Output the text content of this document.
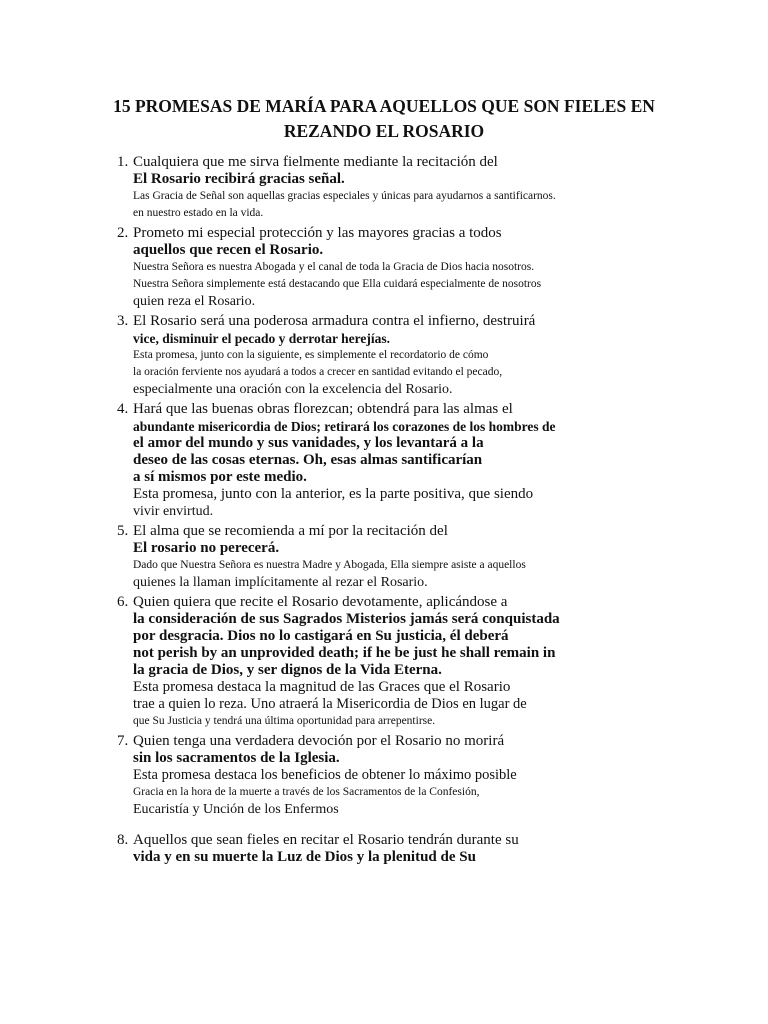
15 PROMESAS DE MARÍA PARA AQUELLOS QUE SON FIELES EN
REZANDO EL ROSARIO
1. Cualquiera que me sirva fielmente mediante la recitación del
El Rosario recibirá gracias señal.
Las Gracia de Señal son aquellas gracias especiales y únicas para ayudarnos a santificarnos.
en nuestro estado en la vida.
2. Prometo mi especial protección y las mayores gracias a todos
aquellos que recen el Rosario.
Nuestra Señora es nuestra Abogada y el canal de toda la Gracia de Dios hacia nosotros.
Nuestra Señora simplemente está destacando que Ella cuidará especialmente de nosotros
quien reza el Rosario.
3. El Rosario será una poderosa armadura contra el infierno, destruirá
vice, disminuir el pecado y derrotar herejías.
Esta promesa, junto con la siguiente, es simplemente el recordatorio de cómo
la oración ferviente nos ayudará a todos a crecer en santidad evitando el pecado,
especialmente una oración con la excelencia del Rosario.
4. Hará que las buenas obras florezcan; obtendrá para las almas el
abundante misericordia de Dios; retirará los corazones de los hombres de
el amor del mundo y sus vanidades, y los levantará a la
deseo de las cosas eternas. Oh, esas almas santificarían
a sí mismos por este medio.
Esta promesa, junto con la anterior, es la parte positiva, que siendo
vivir envirtud.
5. El alma que se recomienda a mí por la recitación del
El rosario no perecerá.
Dado que Nuestra Señora es nuestra Madre y Abogada, Ella siempre asiste a aquellos
quienes la llaman implícitamente al rezar el Rosario.
6. Quien quiera que recite el Rosario devotamente, aplicándose a
la consideración de sus Sagrados Misterios jamás será conquistada
por desgracia. Dios no lo castigará en Su justicia, él deberá
not perish by an unprovided death; if he be just he shall remain in
la gracia de Dios, y ser dignos de la Vida Eterna.
Esta promesa destaca la magnitud de las Graces que el Rosario
trae a quien lo reza. Uno atraerá la Misericordia de Dios en lugar de
que Su Justicia y tendrá una última oportunidad para arrepentirse.
7. Quien tenga una verdadera devoción por el Rosario no morirá
sin los sacramentos de la Iglesia.
Esta promesa destaca los beneficios de obtener lo máximo posible
Gracia en la hora de la muerte a través de los Sacramentos de la Confesión,
Eucaristía y Unción de los Enfermos
8. Aquellos que sean fieles en recitar el Rosario tendrán durante su
vida y en su muerte la Luz de Dios y la plenitud de Su
